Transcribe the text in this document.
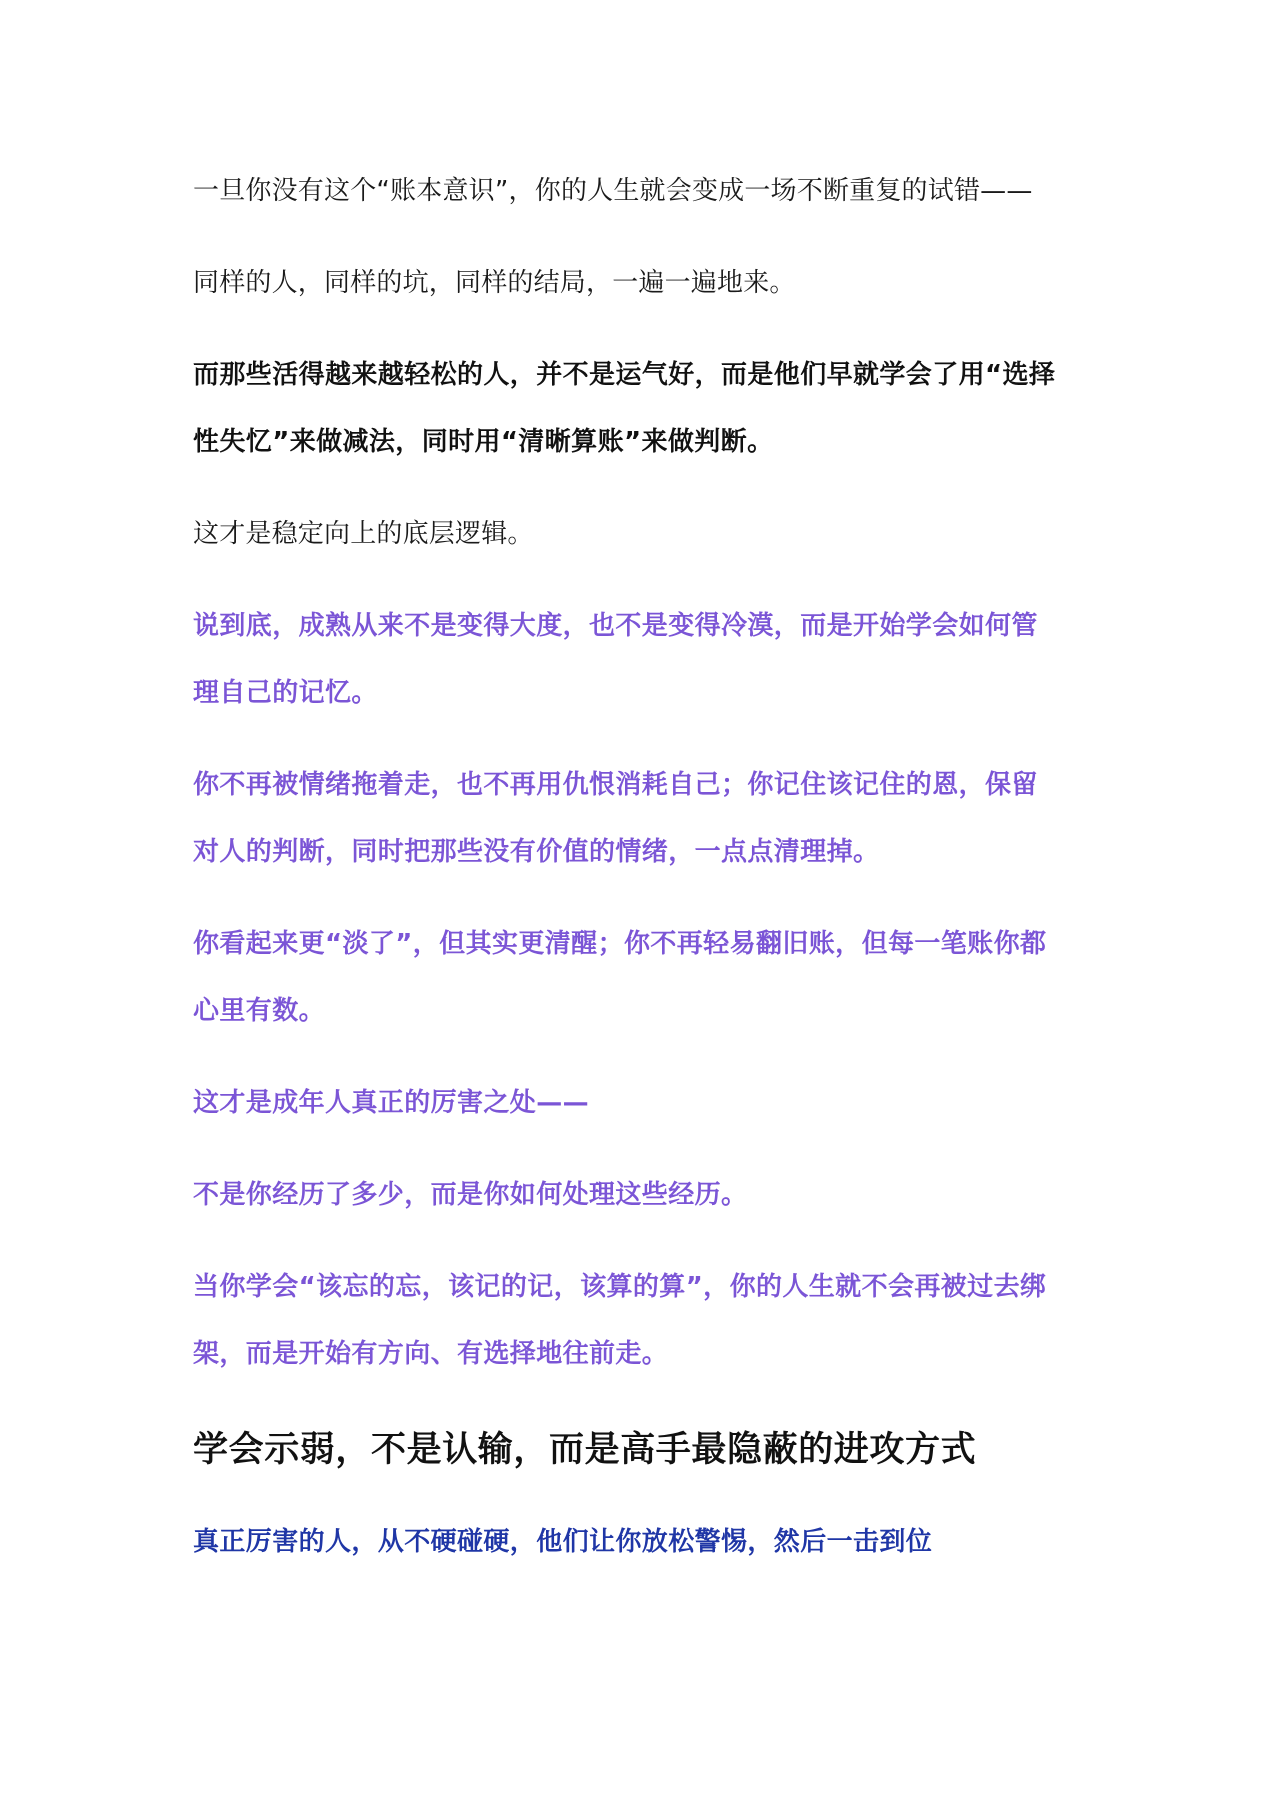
一旦你没有这个“账本意识”，你的人生就会变成一场不断重复的试错——

同样的人，同样的坑，同样的结局，一遍一遍地来。

而那些活得越来越轻松的人，并不是运气好，而是他们早就学会了用“选择

性失忆”来做减法，同时用“清晰算账”来做判断。

这才是稳定向上的底层逻辑。

说到底，成熟从来不是变得大度，也不是变得冷漠，而是开始学会如何管

理自己的记忆。

你不再被情绪拖着走，也不再用仇恨消耗自己；你记住该记住的恩，保留

对人的判断，同时把那些没有价值的情绪，一点点清理掉。

你看起来更“淡了”，但其实更清醒；你不再轻易翻旧账，但每一笔账你都

心里有数。

这才是成年人真正的厉害之处——

不是你经历了多少，而是你如何处理这些经历。

当你学会“该忘的忘，该记的记，该算的算”，你的人生就不会再被过去绑

架，而是开始有方向、有选择地往前走。

学会示弱，不是认输，而是高手最隐蔽的进攻方式

真正厉害的人，从不硬碰硬，他们让你放松警惕，然后一击到位
